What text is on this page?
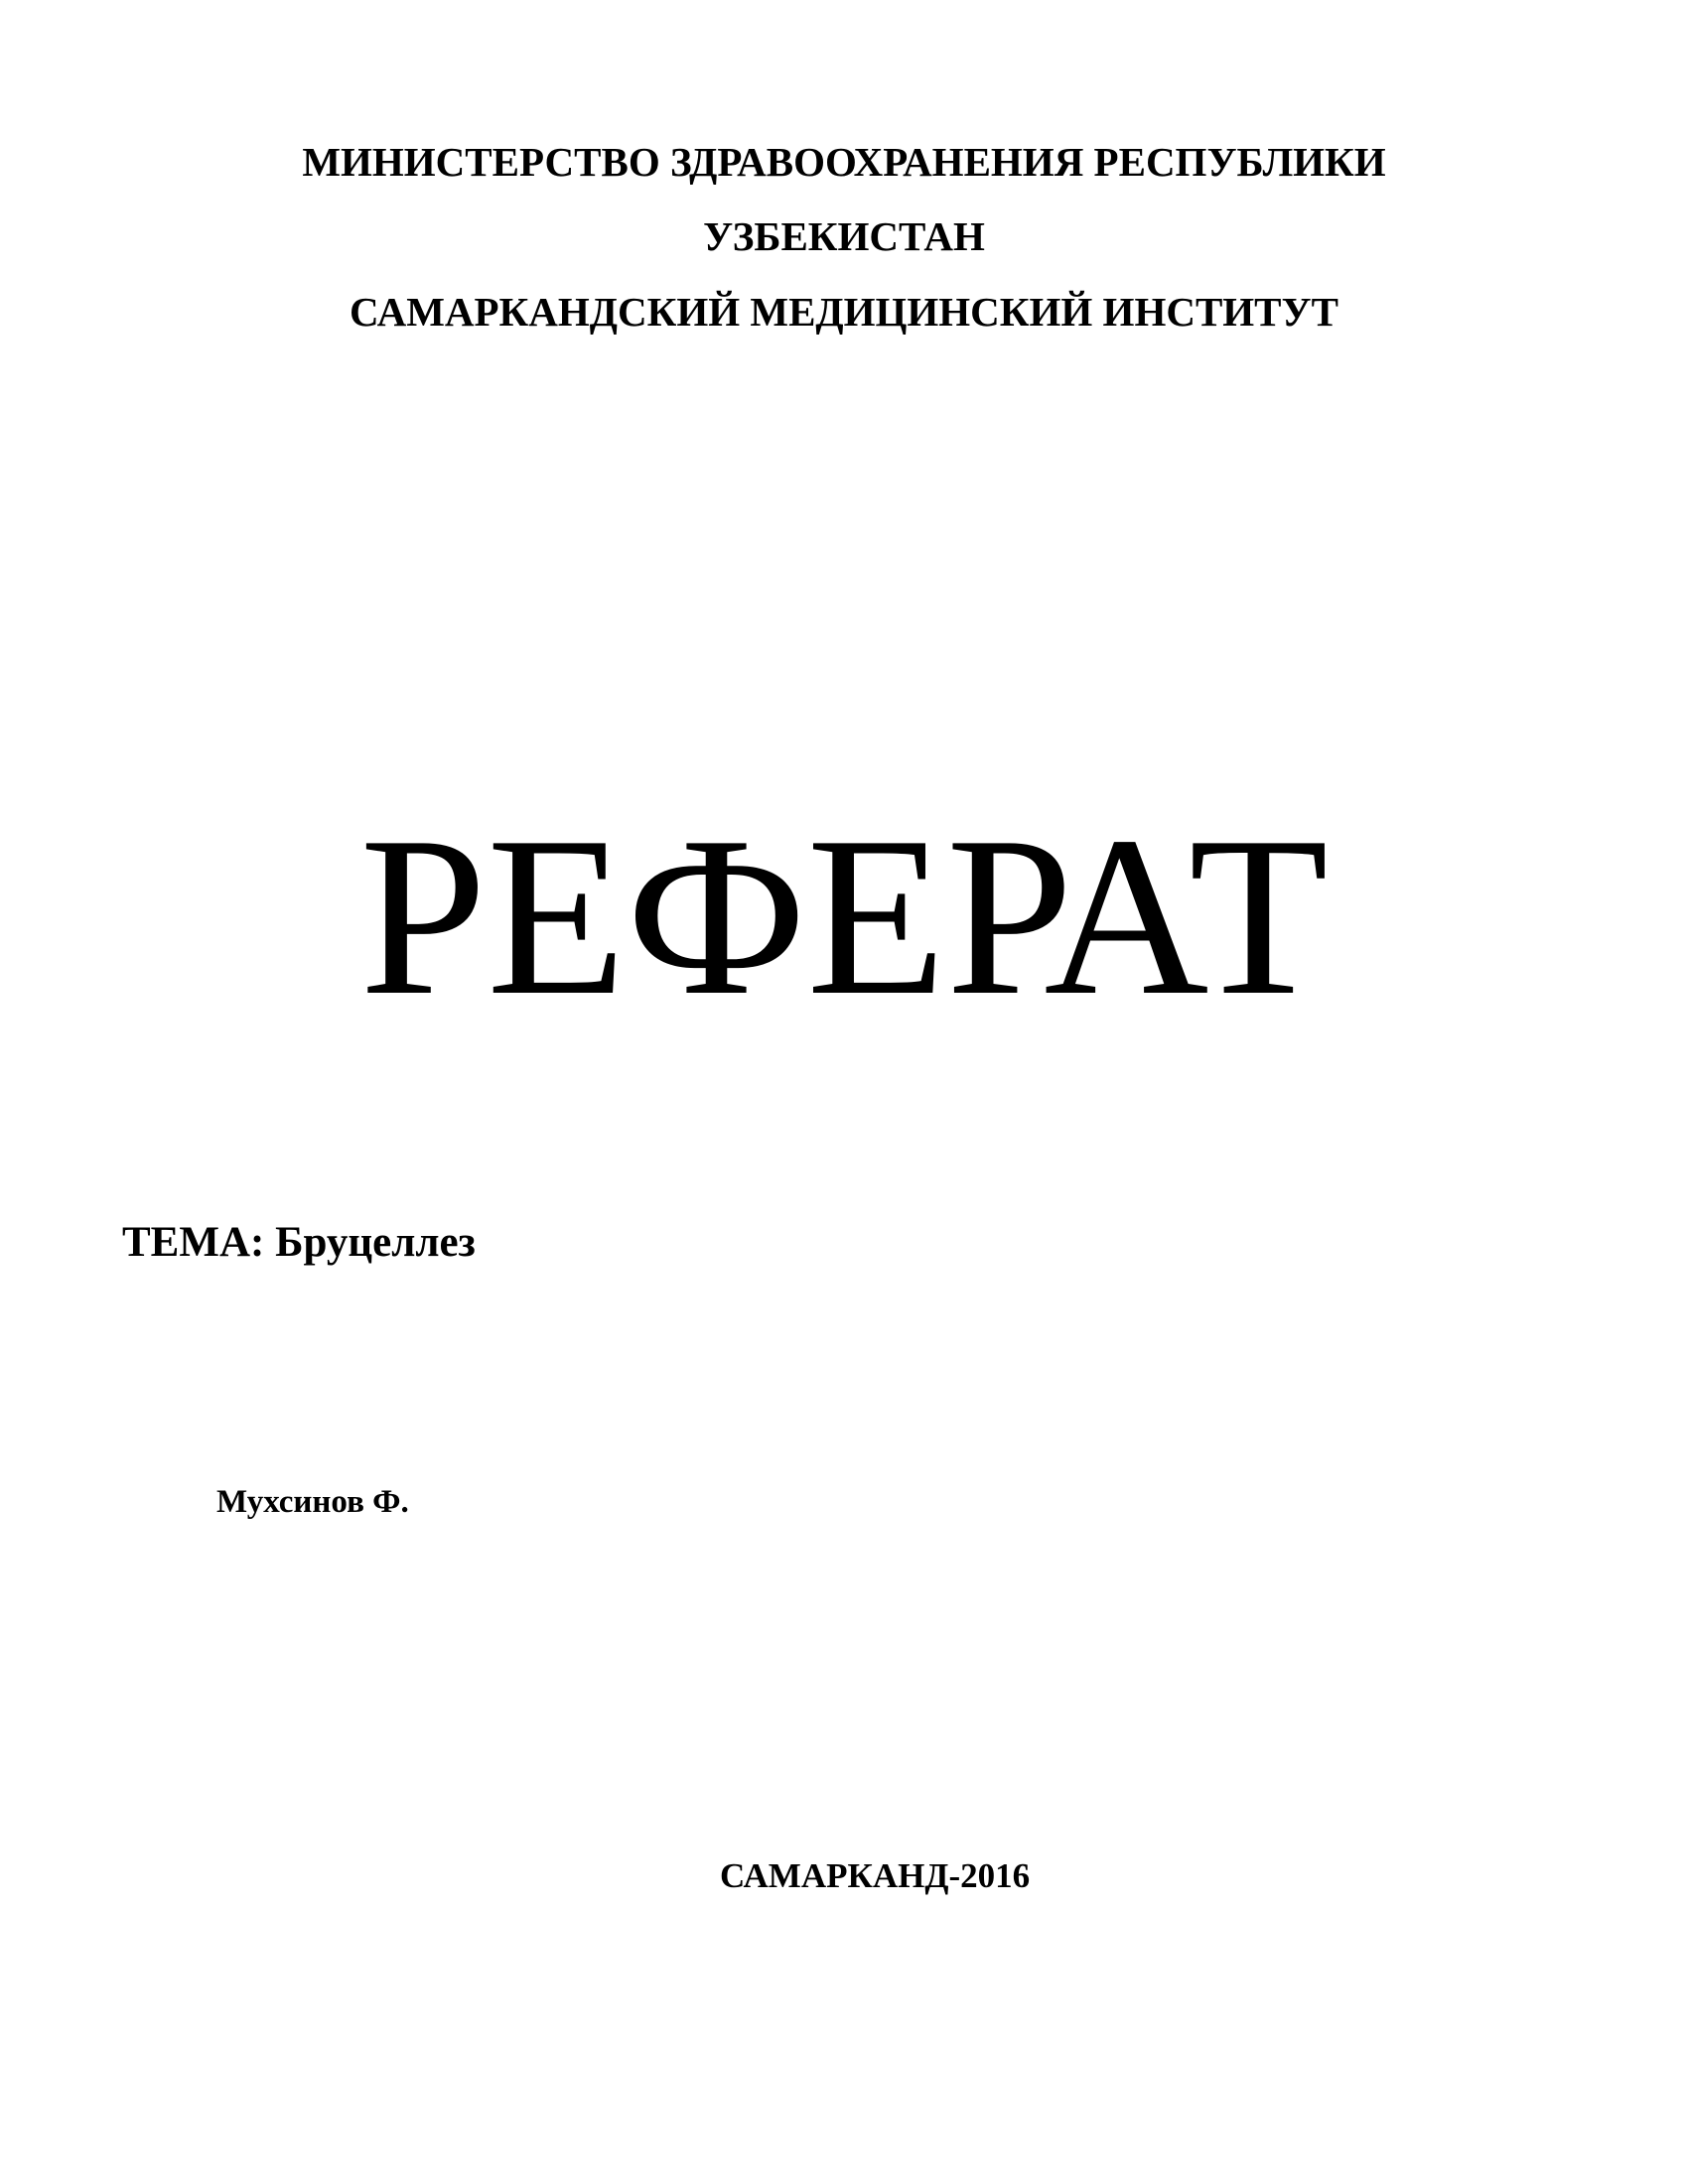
МИНИСТЕРСТВО ЗДРАВООХРАНЕНИЯ РЕСПУБЛИКИ
УЗБЕКИСТАН
САМАРКАНДСКИЙ МЕДИЦИНСКИЙ ИНСТИТУТ
РЕФЕРАТ
ТЕМА: Бруцеллез
Мухсинов Ф.
САМАРКАНД-2016
